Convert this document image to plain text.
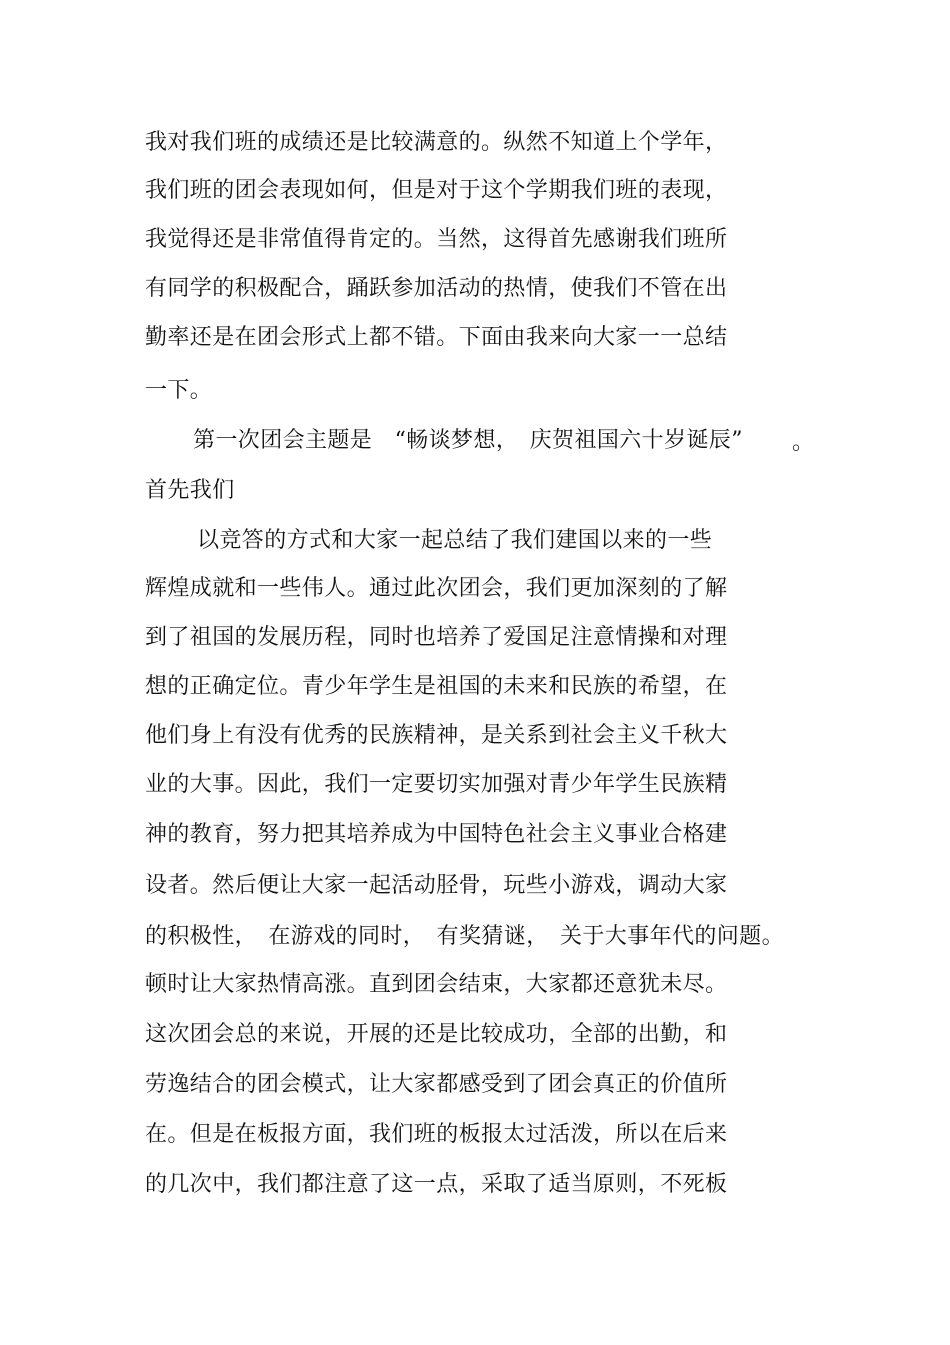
我对我们班的成绩还是比较满意的。纵然不知道上个学年，
我们班的团会表现如何，但是对于这个学期我们班的表现，
我觉得还是非常值得肯定的。当然，这得首先感谢我们班所
有同学的积极配合，踊跃参加活动的热情，使我们不管在出
勤率还是在团会形式上都不错。下面由我来向大家一一总结
一下。
第一次团会主题是　“畅谈梦想，　庆贺祖国六十岁诞辰” 。
首先我们
以竞答的方式和大家一起总结了我们建国以来的一些
辉煌成就和一些伟人。通过此次团会，我们更加深刻的了解
到了祖国的发展历程，同时也培养了爱国足注意情操和对理
想的正确定位。青少年学生是祖国的未来和民族的希望，在
他们身上有没有优秀的民族精神，是关系到社会主义千秋大
业的大事。因此，我们一定要切实加强对青少年学生民族精
神的教育，努力把其培养成为中国特色社会主义事业合格建
设者。然后便让大家一起活动胫骨，玩些小游戏，调动大家
的积极性，　在游戏的同时，　有奖猜谜，　关于大事年代的问题。
顿时让大家热情高涨。直到团会结束，大家都还意犹未尽。
这次团会总的来说，开展的还是比较成功，全部的出勤，和
劳逸结合的团会模式，让大家都感受到了团会真正的价值所
在。但是在板报方面，我们班的板报太过活泼，所以在后来
的几次中，我们都注意了这一点，采取了适当原则，不死板
